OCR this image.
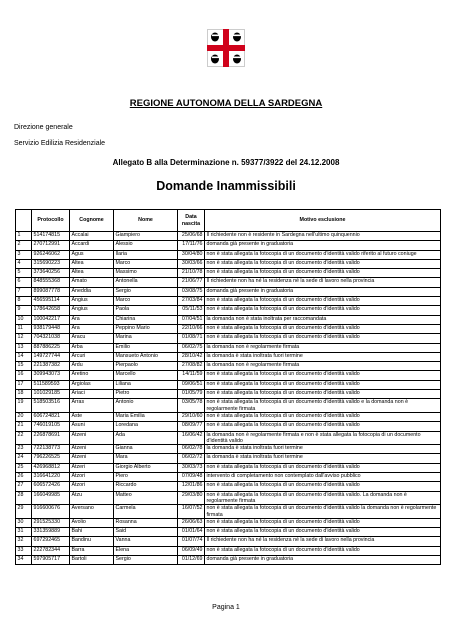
REGIONE AUTONOMA DELLA SARDEGNA
Direzione generale
Servizio Edilizia Residenziale
Allegato B alla Determinazione n. 59377/3922 del 24.12.2008
Domande Inammissibili
	Protocollo	Cognome	Nome	Data nascita	Motivo esclusione
1	514174815	Accalai	Giampiero	25/06/68	Il richiedente non è residente in Sardegna nell'ultimo quinquennio
2	270712991	Accardi	Alessio	17/11/76	domanda già presente in graduatoria
3	926246062	Agus	Ilaria	30/04/80	non è stata allegata la fotocopia di un documento d'identità valido riferito al futuro coniuge
4	315690223	Altea	Marco	30/03/66	non è stata allegata la fotocopia di un documento d'identità valido
5	373640256	Altea	Massimo	21/10/78	non è stata allegata la fotocopia di un documento d'identità valido
6	848555368	Amato	Antonella	21/06/77	Il richiedente non ha né la residenza né la sede di lavoro nella provincia
7	899087778	Aneddia	Sergio	03/08/75	domanda già presente in graduatoria
8	456595114	Angius	Marco	27/03/84	non è stata allegata la fotocopia di un documento d'identità valido
9	178642658	Angius	Paola	05/11/53	non è stata allegata la fotocopia di un documento d'identità valido
10	100042217	Ara	Chiarina	07/04/51	la domanda non è stata inoltrata per raccomandata
11	938179448	Ara	Peppino Mario	22/10/66	non è stata allegata la fotocopia di un documento d'identità valido
12	704321038	Aracu	Marina	01/08/71	non è stata allegata la fotocopia di un documento d'identità valido
13	887886225	Arba	Emilio	06/02/75	la domanda non è regolarmente firmata
14	149727744	Arcuri	Mansueto Antonio	28/10/42	la domanda è stata inoltrata fuori termine
15	221387382	Ardu	Pierpaolo	27/08/82	la domanda non è regolarmente firmata
16	309943073	Aretino	Marcello	14/11/59	non è stata allegata la fotocopia di un documento d'identità valido
17	511589593	Argiolas	Liliana	09/06/51	non è stata allegata la fotocopia di un documento d'identità valido
18	101029185	Ariaci	Pietro	01/05/79	non è stata allegata la fotocopia di un documento d'identità valido
19	518503516	Arras	Antonio	03/05/78	non è stata allegata la fotocopia di un documento d'identità valido e la domanda non è regolarmente firmata
20	606724821	Aste	Maria Emilia	29/10/60	non è stata allegata la fotocopia di un documento d'identità valido
21	746019105	Asuni	Loredana	08/09/77	non è stata allegata la fotocopia di un documento d'identità valido
22	226878691	Atzeni	Ada	16/06/42	la domanda non è regolarmente firmata e non è stata allegata la fotocopia di un documento d'identità valido
23	722138773	Atzeni	Gianna	06/02/78	la domanda è stata inoltrata fuori termine
24	796226525	Atzeni	Mara	06/02/72	la domanda è stata inoltrata fuori termine
25	426968812	Atzeri	Giorgio Alberto	30/03/73	non è stata allegata la fotocopia di un documento d'identità valido
26	316641220	Atzori	Piero	07/09/48	intervento di completamento non contemplato dall'avviso pubblico
27	606572426	Atzori	Riccardo	12/01/86	non è stata allegata la fotocopia di un documento d'identità valido
28	166049985	Atzu	Matteo	29/03/80	non è stata allegata la fotocopia di un documento d'identità valido. La domanda non è regolarmente firmata
29	916600676	Aversano	Carmela	16/07/52	non è stata allegata la fotocopia di un documento d'identità valido la domanda non è regolarmente firmata
30	291525330	Avolio	Rosanna	26/06/63	non è stata allegata la fotocopia di un documento d'identità valido
31	331359889	Bahi	Said	01/01/64	non è stata allegata la fotocopia di un documento d'identità valido
32	697292465	Bandinu	Vanna	01/07/74	Il richiedente non ha né la residenza né la sede di lavoro nella provincia
33	222782344	Barra	Elena	06/09/49	non è stata allegata la fotocopia di un documento d'identità valido
34	597905717	Bartoli	Sergio	01/12/69	domanda già presente in graduatoria
Pagina 1
